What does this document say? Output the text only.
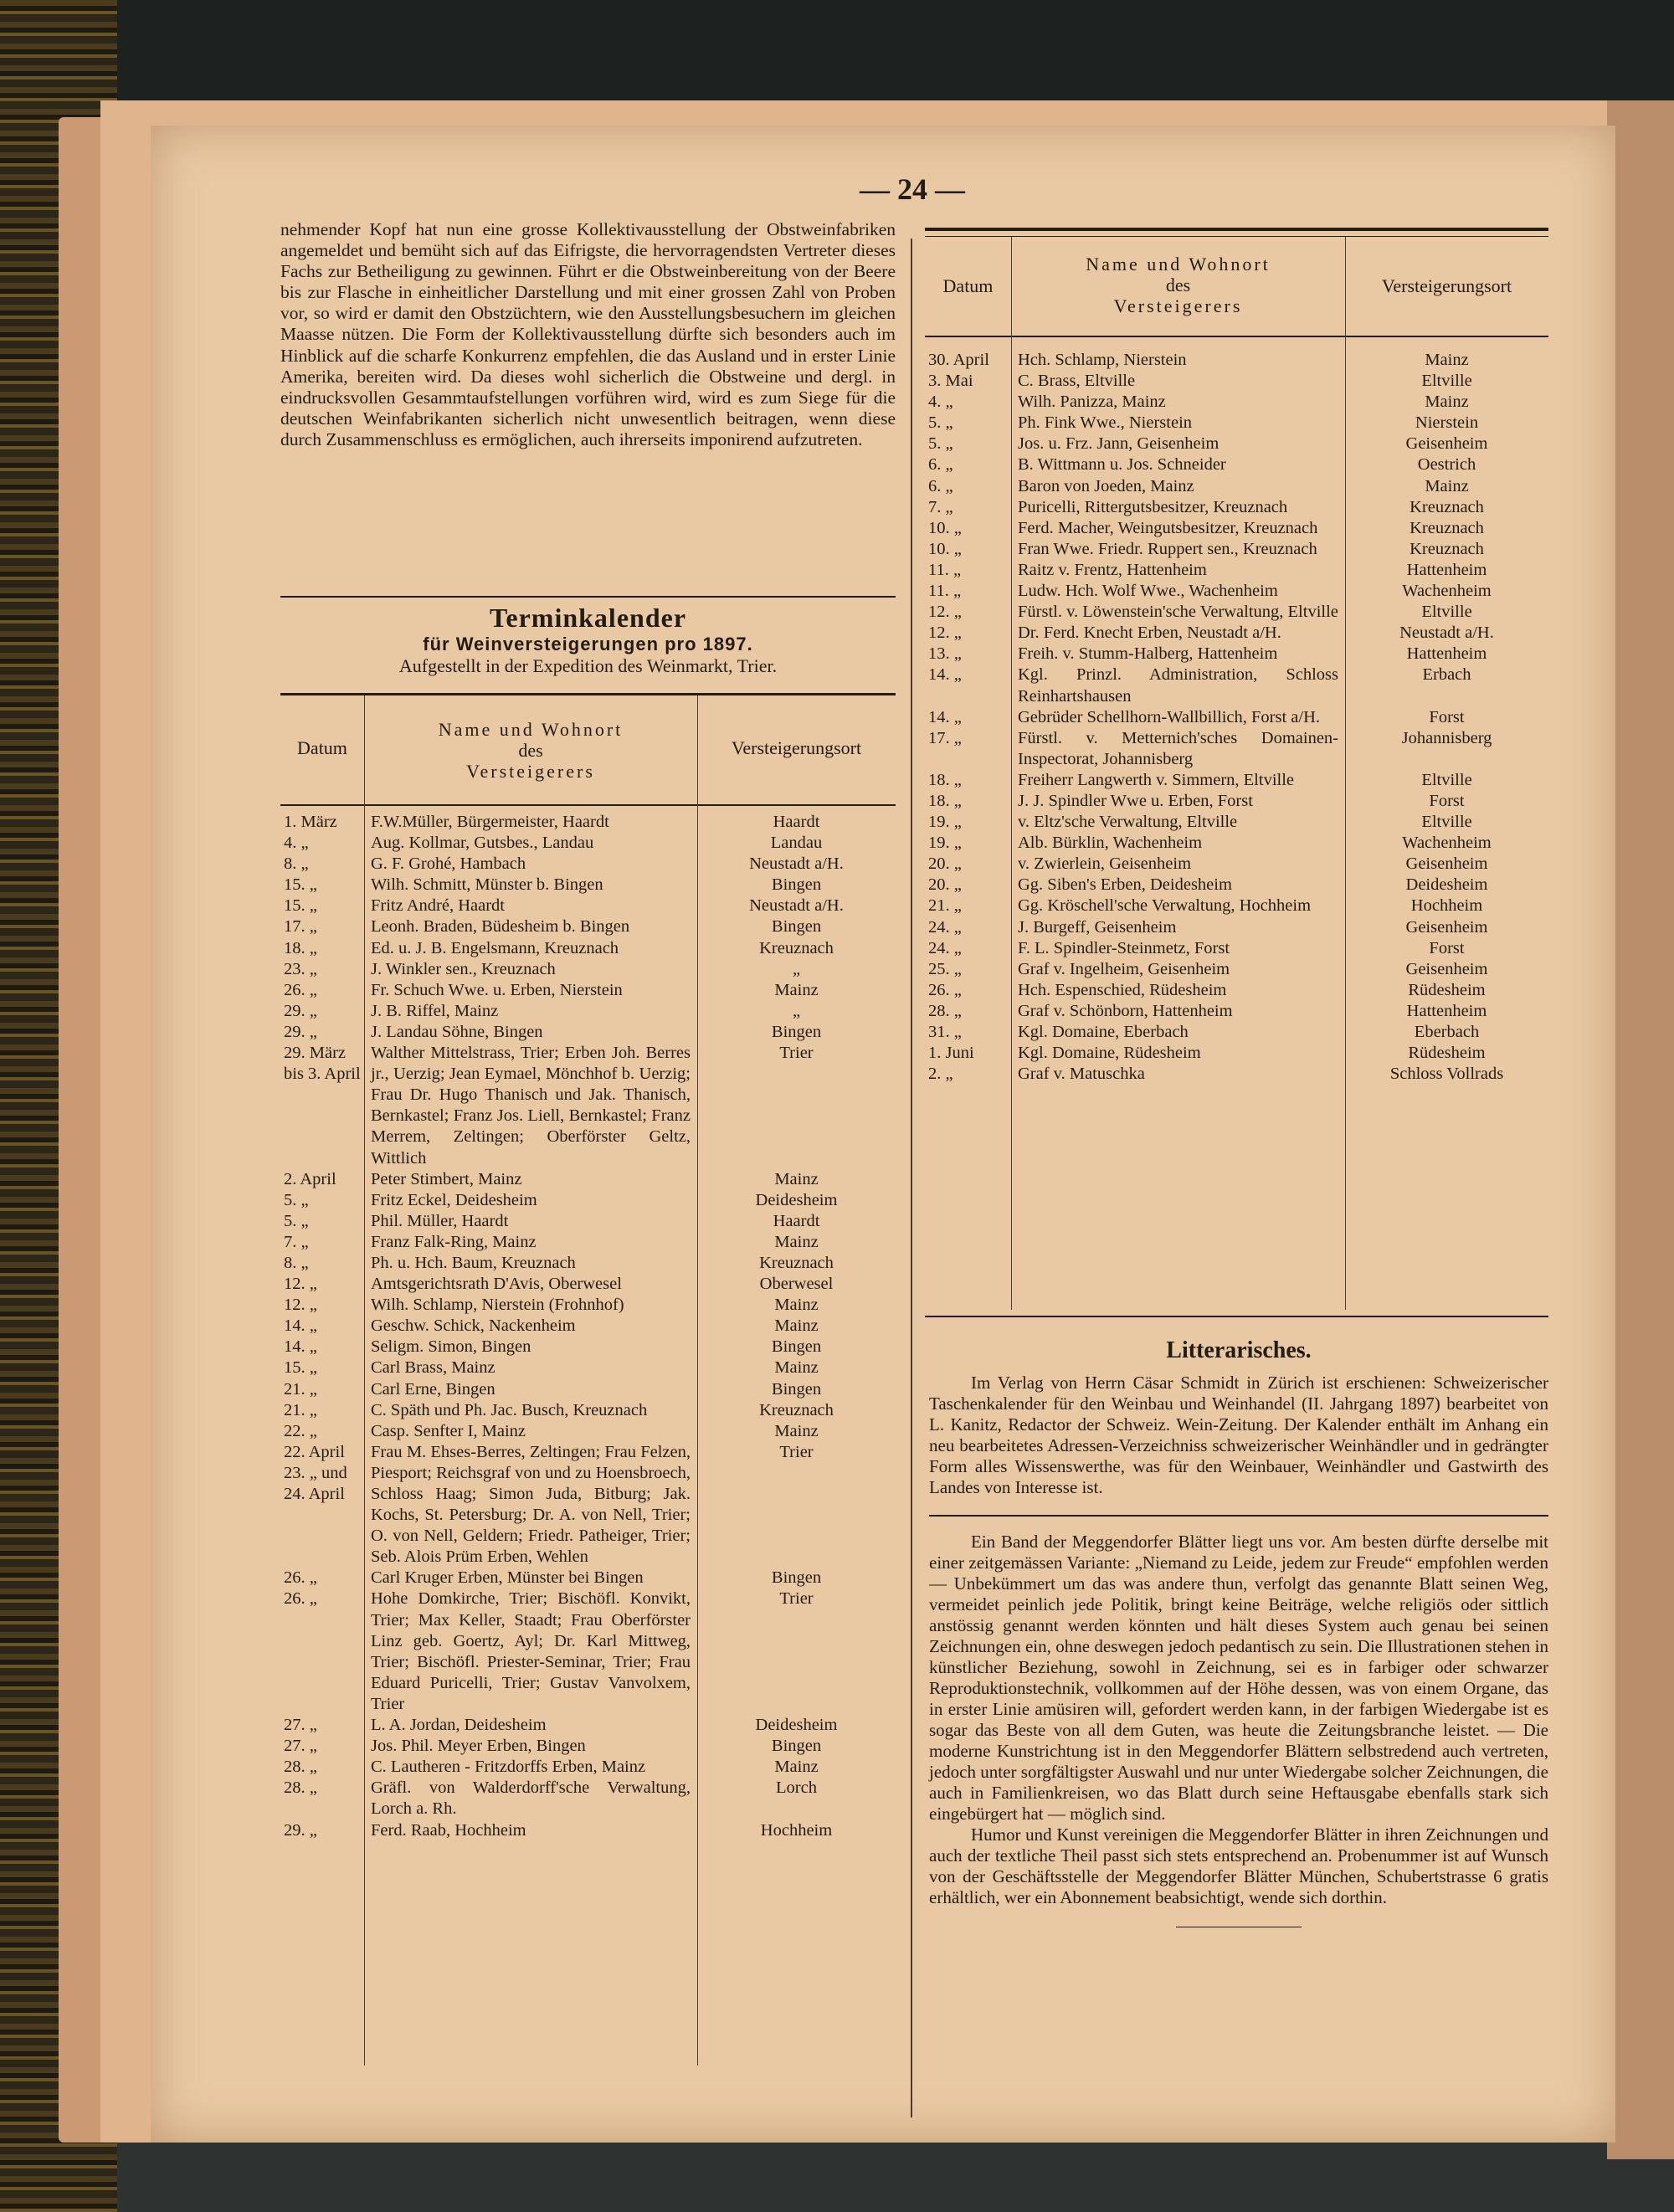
— 24 —

nehmender Kopf hat nun eine grosse Kollektivausstellung der Obstweinfabriken angemeldet und bemüht sich auf das Eifrigste, die hervorragendsten Vertreter dieses Fachs zur Betheiligung zu gewinnen. Führt er die Obstweinbereitung von der Beere bis zur Flasche in einheitlicher Darstellung und mit einer grossen Zahl von Proben vor, so wird er damit den Obstzüchtern, wie den Ausstellungsbesuchern im gleichen Maasse nützen. Die Form der Kollektivausstellung dürfte sich besonders auch im Hinblick auf die scharfe Konkurrenz empfehlen, die das Ausland und in erster Linie Amerika, bereiten wird. Da dieses wohl sicherlich die Obstweine und dergl. in eindrucksvollen Gesammtaufstellungen vorführen wird, wird es zum Siege für die deutschen Weinfabrikanten sicherlich nicht unwesentlich beitragen, wenn diese durch Zusammenschluss es ermöglichen, auch ihrerseits imponirend aufzutreten.

Terminkalender
für Weinversteigerungen pro 1897.
Aufgestellt in der Expedition des Weinmarkt, Trier.
Datum
Name und Wohnort
des
Versteigerers
Versteigerungsort
1. März	F.W.Müller, Bürgermeister, Haardt	Haardt
4. „	Aug. Kollmar, Gutsbes., Landau	Landau
8. „	G. F. Grohé, Hambach	Neustadt a/H.
15. „	Wilh. Schmitt, Münster b. Bingen	Bingen
15. „	Fritz André, Haardt	Neustadt a/H.
17. „	Leonh. Braden, Büdesheim b. Bingen	Bingen
18. „	Ed. u. J. B. Engelsmann, Kreuznach	Kreuznach
23. „	J. Winkler sen., Kreuznach	„
26. „	Fr. Schuch Wwe. u. Erben, Nierstein	Mainz
29. „	J. B. Riffel, Mainz	„
29. „	J. Landau Söhne, Bingen	Bingen
29. März bis 3. April	Walther Mittelstrass, Trier; Erben Joh. Berres jr., Uerzig; Jean Eymael, Mönchhof b. Uerzig; Frau Dr. Hugo Thanisch und Jak. Thanisch, Bernkastel; Franz Jos. Liell, Bernkastel; Franz Merrem, Zeltingen; Oberförster Geltz, Wittlich	Trier
2. April	Peter Stimbert, Mainz	Mainz
5. „	Fritz Eckel, Deidesheim	Deidesheim
5. „	Phil. Müller, Haardt	Haardt
7. „	Franz Falk-Ring, Mainz	Mainz
8. „	Ph. u. Hch. Baum, Kreuznach	Kreuznach
12. „	Amtsgerichtsrath D'Avis, Oberwesel	Oberwesel
12. „	Wilh. Schlamp, Nierstein (Frohnhof)	Mainz
14. „	Geschw. Schick, Nackenheim	Mainz
14. „	Seligm. Simon, Bingen	Bingen
15. „	Carl Brass, Mainz	Mainz
21. „	Carl Erne, Bingen	Bingen
21. „	C. Späth und Ph. Jac. Busch, Kreuznach	Kreuznach
22. „	Casp. Senfter I, Mainz	Mainz
22. April 23. „ und 24. April	Frau M. Ehses-Berres, Zeltingen; Frau Felzen, Piesport; Reichsgraf von und zu Hoensbroech, Schloss Haag; Simon Juda, Bitburg; Jak. Kochs, St. Petersburg; Dr. A. von Nell, Trier; O. von Nell, Geldern; Friedr. Patheiger, Trier; Seb. Alois Prüm Erben, Wehlen	Trier
26. „	Carl Kruger Erben, Münster bei Bingen	Bingen
26. „	Hohe Domkirche, Trier; Bischöfl. Konvikt, Trier; Max Keller, Staadt; Frau Oberförster Linz geb. Goertz, Ayl; Dr. Karl Mittweg, Trier; Bischöfl. Priester-Seminar, Trier; Frau Eduard Puricelli, Trier; Gustav Vanvolxem, Trier	Trier
27. „	L. A. Jordan, Deidesheim	Deidesheim
27. „	Jos. Phil. Meyer Erben, Bingen	Bingen
28. „	C. Lautheren - Fritzdorffs Erben, Mainz	Mainz
28. „	Gräfl. von Walderdorff'sche Verwaltung, Lorch a. Rh.	Lorch
29. „	Ferd. Raab, Hochheim	Hochheim
Datum
Name und Wohnort
des
Versteigerers
Versteigerungsort
30. April	Hch. Schlamp, Nierstein	Mainz
3. Mai	C. Brass, Eltville	Eltville
4. „	Wilh. Panizza, Mainz	Mainz
5. „	Ph. Fink Wwe., Nierstein	Nierstein
5. „	Jos. u. Frz. Jann, Geisenheim	Geisenheim
6. „	B. Wittmann u. Jos. Schneider	Oestrich
6. „	Baron von Joeden, Mainz	Mainz
7. „	Puricelli, Rittergutsbesitzer, Kreuznach	Kreuznach
10. „	Ferd. Macher, Weingutsbesitzer, Kreuznach	Kreuznach
10. „	Fran Wwe. Friedr. Ruppert sen., Kreuznach	Kreuznach
11. „	Raitz v. Frentz, Hattenheim	Hattenheim
11. „	Ludw. Hch. Wolf Wwe., Wachenheim	Wachenheim
12. „	Fürstl. v. Löwenstein'sche Verwaltung, Eltville	Eltville
12. „	Dr. Ferd. Knecht Erben, Neustadt a/H.	Neustadt a/H.
13. „	Freih. v. Stumm-Halberg, Hattenheim	Hattenheim
14. „	Kgl. Prinzl. Administration, Schloss Reinhartshausen	Erbach
14. „	Gebrüder Schellhorn-Wallbillich, Forst a/H.	Forst
17. „	Fürstl. v. Metternich'sches Domainen-Inspectorat, Johannisberg	Johannisberg
18. „	Freiherr Langwerth v. Simmern, Eltville	Eltville
18. „	J. J. Spindler Wwe u. Erben, Forst	Forst
19. „	v. Eltz'sche Verwaltung, Eltville	Eltville
19. „	Alb. Bürklin, Wachenheim	Wachenheim
20. „	v. Zwierlein, Geisenheim	Geisenheim
20. „	Gg. Siben's Erben, Deidesheim	Deidesheim
21. „	Gg. Kröschell'sche Verwaltung, Hochheim	Hochheim
24. „	J. Burgeff, Geisenheim	Geisenheim
24. „	F. L. Spindler-Steinmetz, Forst	Forst
25. „	Graf v. Ingelheim, Geisenheim	Geisenheim
26. „	Hch. Espenschied, Rüdesheim	Rüdesheim
28. „	Graf v. Schönborn, Hattenheim	Hattenheim
31. „	Kgl. Domaine, Eberbach	Eberbach
1. Juni	Kgl. Domaine, Rüdesheim	Rüdesheim
2. „	Graf v. Matuschka	Schloss Vollrads
Litterarisches.

Im Verlag von Herrn Cäsar Schmidt in Zürich ist erschienen: Schweizerischer Taschenkalender für den Weinbau und Weinhandel (II. Jahrgang 1897) bearbeitet von L. Kanitz, Redactor der Schweiz. Wein-Zeitung. Der Kalender enthält im Anhang ein neu bearbeitetes Adressen-Verzeichniss schweizerischer Weinhändler und in gedrängter Form alles Wissenswerthe, was für den Weinbauer, Weinhändler und Gastwirth des Landes von Interesse ist.

Ein Band der Meggendorfer Blätter liegt uns vor. Am besten dürfte derselbe mit einer zeitgemässen Variante: „Niemand zu Leide, jedem zur Freude“ empfohlen werden — Unbekümmert um das was andere thun, verfolgt das genannte Blatt seinen Weg, vermeidet peinlich jede Politik, bringt keine Beiträge, welche religiös oder sittlich anstössig genannt werden könnten und hält dieses System auch genau bei seinen Zeichnungen ein, ohne deswegen jedoch pedantisch zu sein. Die Illustrationen stehen in künstlicher Beziehung, sowohl in Zeichnung, sei es in farbiger oder schwarzer Reproduktionstechnik, vollkommen auf der Höhe dessen, was von einem Organe, das in erster Linie amüsiren will, gefordert werden kann, in der farbigen Wiedergabe ist es sogar das Beste von all dem Guten, was heute die Zeitungsbranche leistet. — Die moderne Kunstrichtung ist in den Meggendorfer Blättern selbstredend auch vertreten, jedoch unter sorgfältigster Auswahl und nur unter Wiedergabe solcher Zeichnungen, die auch in Familienkreisen, wo das Blatt durch seine Heftausgabe ebenfalls stark sich eingebürgert hat — möglich sind.

Humor und Kunst vereinigen die Meggendorfer Blätter in ihren Zeichnungen und auch der textliche Theil passt sich stets entsprechend an. Probenummer ist auf Wunsch von der Geschäftsstelle der Meggendorfer Blätter München, Schubertstrasse 6 gratis erhältlich, wer ein Abonnement beabsichtigt, wende sich dorthin.
